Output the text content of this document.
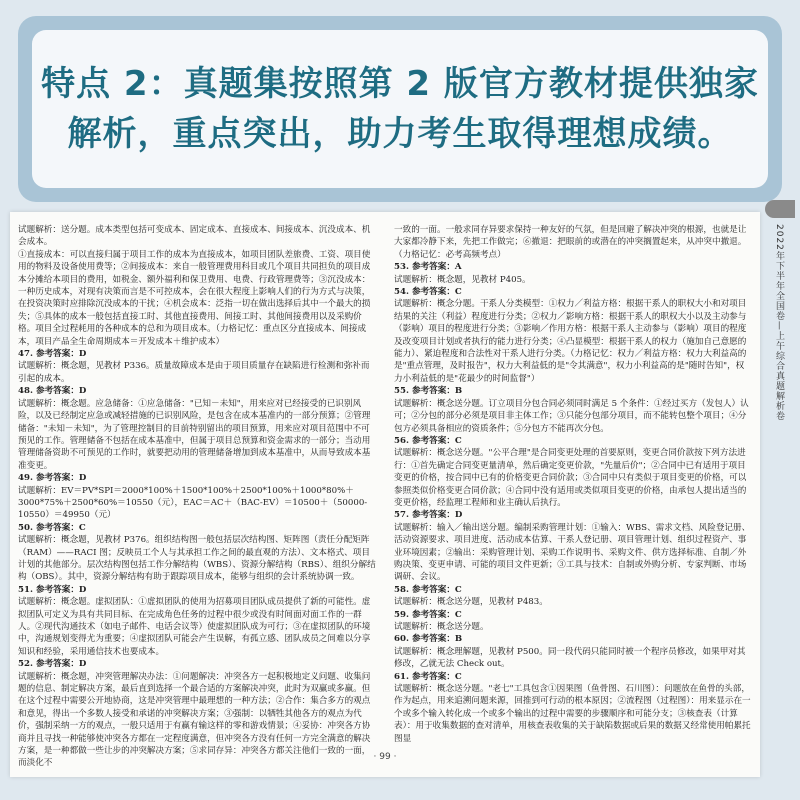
特点 2：真题集按照第 2 版官方教材提供独家
解析，重点突出，助力考生取得理想成绩。

试题解析：送分题。成本类型包括可变成本、固定成本、直接成本、间接成本、沉没成本、机会成本。

①直接成本：可以直接归属于项目工作的成本为直接成本，如项目团队差旅费、工资、项目使用的物料及设备使用费等；②间接成本：来自一般管理费用科目或几个项目共同担负的项目成本分摊给本项目的费用，如税金、额外福利和保卫费用、电费、行政管理费等；③沉没成本：一种历史成本，对现有决策而言是不可控成本，会在很大程度上影响人们的行为方式与决策，在投资决策时应排除沉没成本的干扰；④机会成本：泛指一切在做出选择后其中一个最大的损失；⑤具体的成本一般包括直接工时、其他直接费用、间接工时、其他间接费用以及采购价格。项目全过程耗用的各种成本的总和为项目成本。（力格记忆：重点区分直接成本、间接成本，项目产品全生命周期成本＝开发成本＋维护成本）

47. 参考答案：D

试题解析：概念题，见教材 P336。质量故障成本是由于项目质量存在缺陷进行检测和弥补而引起的成本。

48. 参考答案：D

试题解析：概念题。应急储备：①应急储备："已知－未知"，用来应对已经接受的已识别风险，以及已经制定应急或减轻措施的已识别风险，是包含在成本基准内的一部分预算；②管理储备："未知－未知"，为了管理控制目的目前特别留出的项目预算，用来应对项目范围中不可预见的工作。管理储备不包括在成本基准中，但属于项目总预算和资金需求的一部分；当动用管理储备资助不可预见的工作时，就要把动用的管理储备增加到成本基准中，从而导致成本基准变更。

49. 参考答案：D

试题解析：EV＝PV*SPI＝2000*100%＋1500*100%＋2500*100%＋1000*80%＋3000*75%＋2500*60%＝10550（元），EAC＝AC＋（BAC-EV）＝10500＋（50000-10550）＝49950（元）

50. 参考答案：C

试题解析：概念题，见教材 P376。组织结构图一般包括层次结构图、矩阵图（责任分配矩阵（RAM）——RACI 图；反映员工个人与其承担工作之间的最直观的方法）、文本格式、项目计划的其他部分。层次结构图包括工作分解结构（WBS）、资源分解结构（RBS）、组织分解结构（OBS）。其中，资源分解结构有助于跟踪项目成本，能够与组织的会计系统协调一致。

51. 参考答案：D

试题解析：概念题。虚拟团队：①虚拟团队的使用为招募项目团队成员提供了新的可能性。虚拟团队可定义为具有共同目标、在完成角色任务的过程中很少或没有时间面对面工作的一群人。②现代沟通技术（如电子邮件、电话会议等）使虚拟团队成为可行；③在虚拟团队的环境中，沟通规划变得尤为重要；④虚拟团队可能会产生误解，有孤立感、团队成员之间难以分享知识和经验，采用通信技术也要成本。

52. 参考答案：D

试题解析：概念题，冲突管理解决办法：①问题解决：冲突各方一起积极地定义问题、收集问题的信息、制定解决方案，最后直到选择一个最合适的方案解决冲突，此时为双赢或多赢。但在这个过程中需要公开地协商，这是冲突管理中最理想的一种方法；②合作：集合多方的观点和意见，得出一个多数人接受和承诺的冲突解决方案；③强制：以牺牲其他各方的观点为代价，强制采纳一方的观点，一般只适用于有赢有输这样的零和游戏情景；④妥协：冲突各方协商并且寻找一种能够使冲突各方都在一定程度满意，但冲突各方没有任何一方完全满意的解决方案，是一种都做一些让步的冲突解决方案；⑤求同存异：冲突各方都关注他们一致的一面，而淡化不

一致的一面。一般求同存异要求保持一种友好的气氛，但是回避了解决冲突的根源，也就是让大家都冷静下来，先把工作做完；⑥撤退：把眼前的或潜在的冲突搁置起来，从冲突中撤退。（力格记忆：必考高频考点）

53. 参考答案：A

试题解析：概念题，见教材 P405。

54. 参考答案：C

试题解析：概念分题。干系人分类模型：①权力／利益方格：根据干系人的职权大小和对项目结果的关注（利益）程度进行分类；②权力／影响方格：根据干系人的职权大小以及主动参与（影响）项目的程度进行分类；③影响／作用方格：根据干系人主动参与（影响）项目的程度及改变项目计划或者执行的能力进行分类；④凸显模型：根据干系人的权力（施加自己意愿的能力）、紧迫程度和合法性对干系人进行分类。（力格记忆：权力／利益方格：权力大利益高的是"重点管理，及时报告"，权力大利益低的是"令其满意"，权力小利益高的是"随时告知"，权力小利益低的是"花最少的时间监督"）

55. 参考答案：B

试题解析：概念送分题。订立项目分包合同必须同时满足 5 个条件：①经过买方（发包人）认可；②分包的部分必须是项目非主体工作；③只能分包部分项目，而不能转包整个项目；④分包方必须具备相应的资质条件；⑤分包方不能再次分包。

56. 参考答案：C

试题解析：概念送分题。"公平合理"是合同变更处理的首要原则，变更合同价款按下列方法进行：①首先确定合同变更量清单，然后确定变更价款，"先量后价"；②合同中已有适用于项目变更的价格，按合同中已有的价格变更合同价款；③合同中只有类似于项目变更的价格，可以参照类似价格变更合同价款；④合同中没有适用或类似项目变更的价格，由承包人提出适当的变更价格，经监理工程师和业主确认后执行。

57. 参考答案：D

试题解析：输入／输出送分题。编制采购管理计划：①输入：WBS、需求文档、风险登记册、活动资源要求、项目进度、活动成本估算、干系人登记册、项目管理计划、组织过程资产、事业环境因素；②输出：采购管理计划、采购工作说明书、采购文件、供方选择标准、自制／外购决策、变更申请、可能的项目文件更新；③工具与技术：自制或外购分析、专家判断、市场调研、会议。

58. 参考答案：C

试题解析：概念送分题，见教材 P483。

59. 参考答案：C

试题解析：概念送分题。

60. 参考答案：B

试题解析：概念理解题，见教材 P500。同一段代码只能同时被一个程序员修改，如果甲对其修改，乙就无法 Check out。

61. 参考答案：C

试题解析：概念送分题。"老七"工具包含①因果图（鱼骨图、石川图）：问题放在鱼骨的头部，作为起点，用来追溯问题来源，回推到可行动的根本原因；②流程图（过程图）：用来显示在一个或多个输入转化成一个或多个输出的过程中需要的步骤顺序和可能分支；③核查表（计算表）：用于收集数据的查对清单，用核查表收集的关于缺陷数据或后果的数据又经常使用帕累托图显

· 99 ·
2022年下半年全国卷—上午综合真题解析卷
